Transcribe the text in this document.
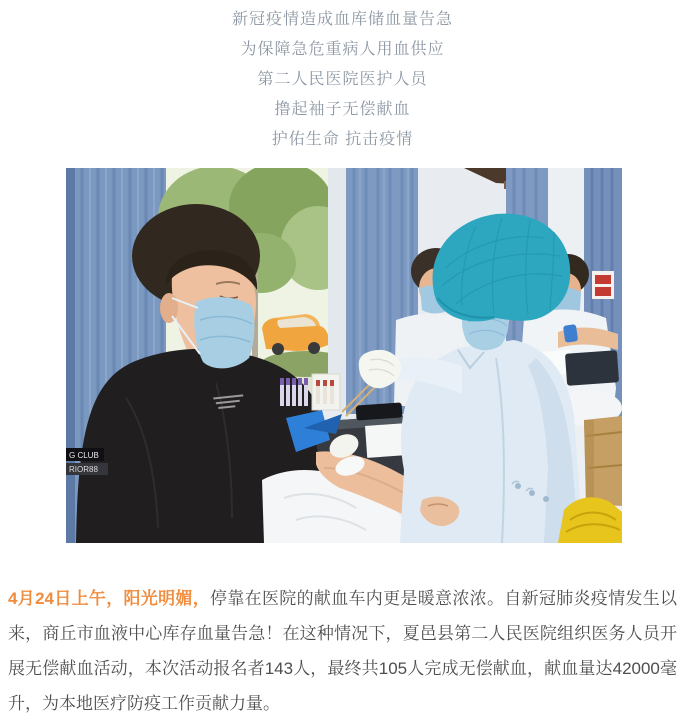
新冠疫情造成血库储血量告急
为保障急危重病人用血供应
第二人民医院医护人员
撸起袖子无偿献血
护佑生命 抗击疫情
G CLUB
RIOR88
4月24日上午，阳光明媚，停靠在医院的献血车内更是暖意浓浓。自新冠肺炎疫情发生以来，商丘市血液中心库存血量告急！在这种情况下，夏邑县第二人民医院组织医务人员开展无偿献血活动，本次活动报名者143人，最终共105人完成无偿献血，献血量达42000毫升，为本地医疗防疫工作贡献力量。
